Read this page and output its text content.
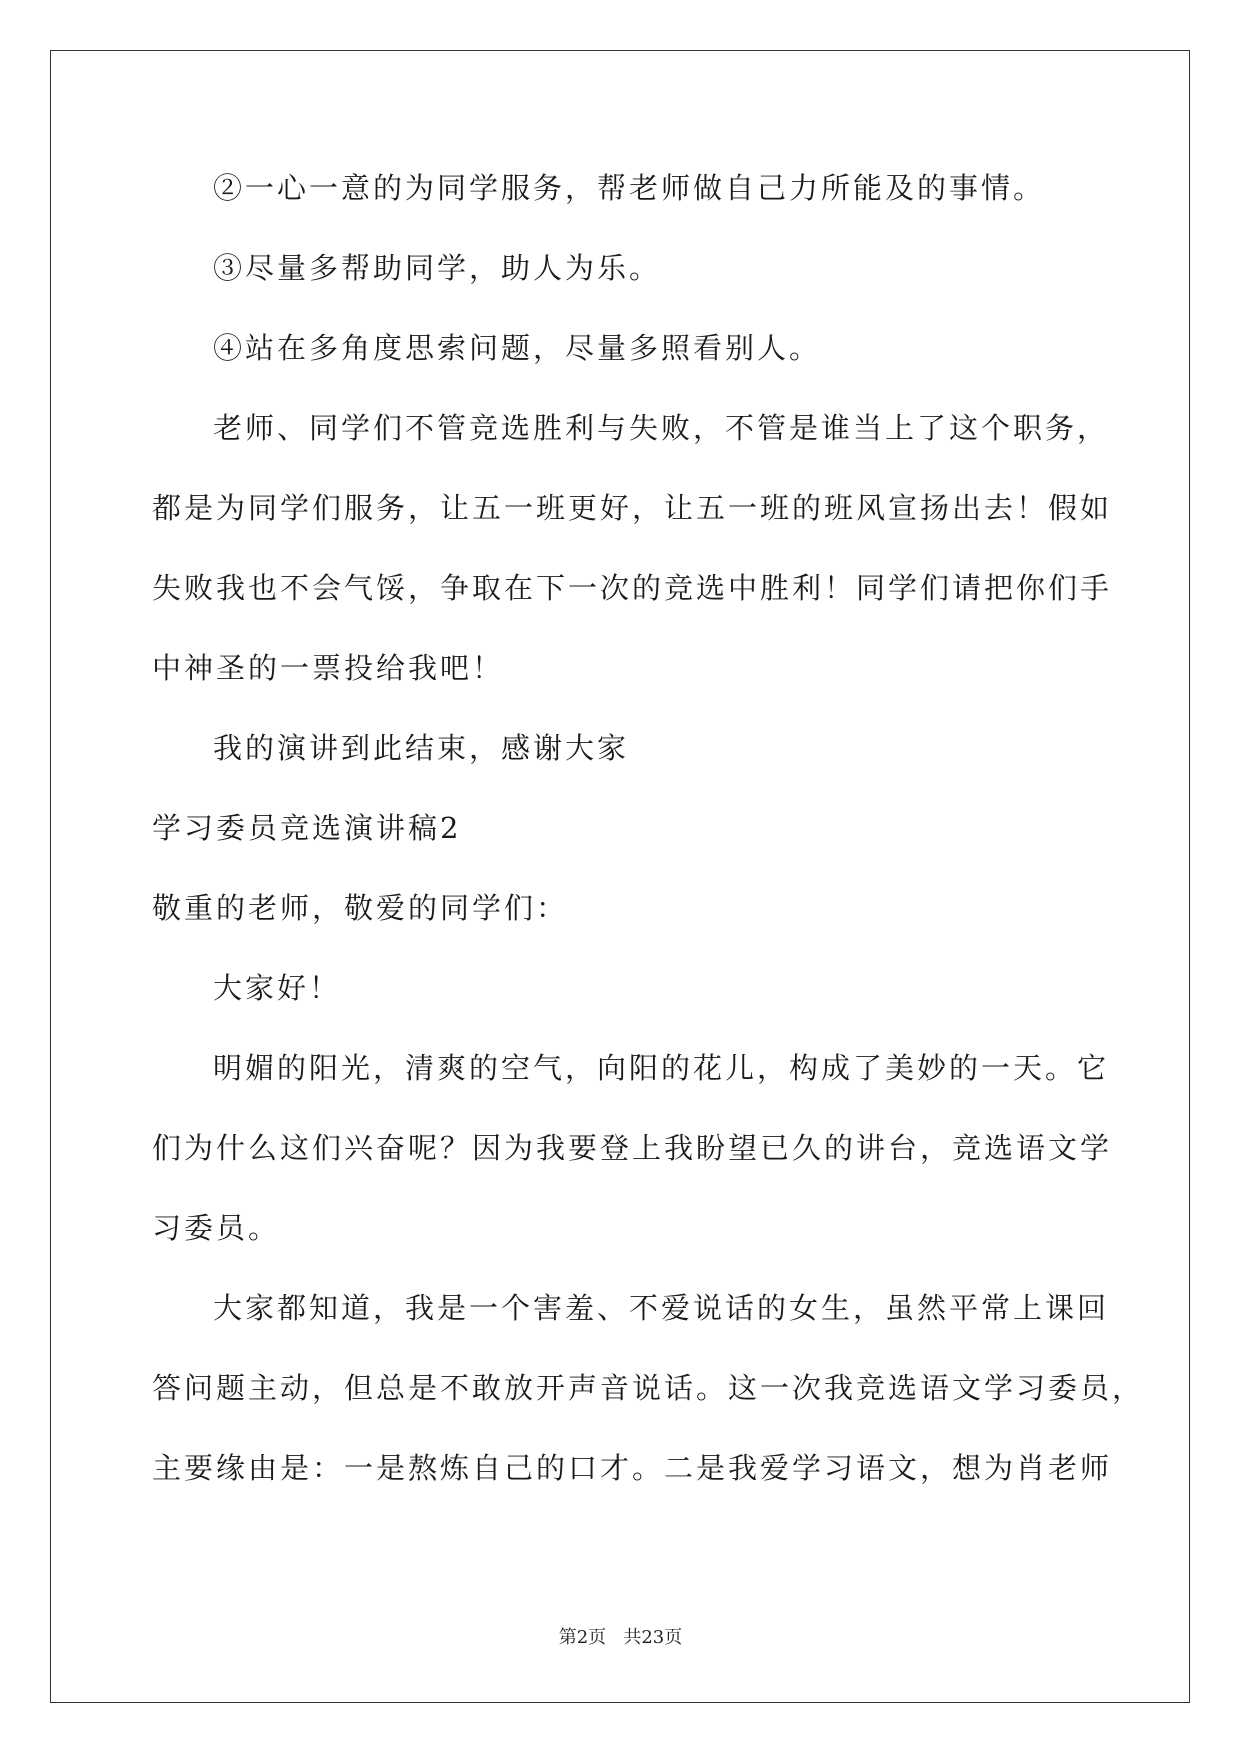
②一心一意的为同学服务，帮老师做自己力所能及的事情。
③尽量多帮助同学，助人为乐。
④站在多角度思索问题，尽量多照看别人。
老师、同学们不管竞选胜利与失败，不管是谁当上了这个职务，
都是为同学们服务，让五一班更好，让五一班的班风宣扬出去！假如
失败我也不会气馁，争取在下一次的竞选中胜利！同学们请把你们手
中神圣的一票投给我吧！
我的演讲到此结束，感谢大家
学习委员竞选演讲稿2
敬重的老师，敬爱的同学们：
大家好！
明媚的阳光，清爽的空气，向阳的花儿，构成了美妙的一天。它
们为什么这们兴奋呢？因为我要登上我盼望已久的讲台，竞选语文学
习委员。
大家都知道，我是一个害羞、不爱说话的女生，虽然平常上课回
答问题主动，但总是不敢放开声音说话。这一次我竞选语文学习委员，
主要缘由是：一是熬炼自己的口才。二是我爱学习语文，想为肖老师
第2页 共23页
